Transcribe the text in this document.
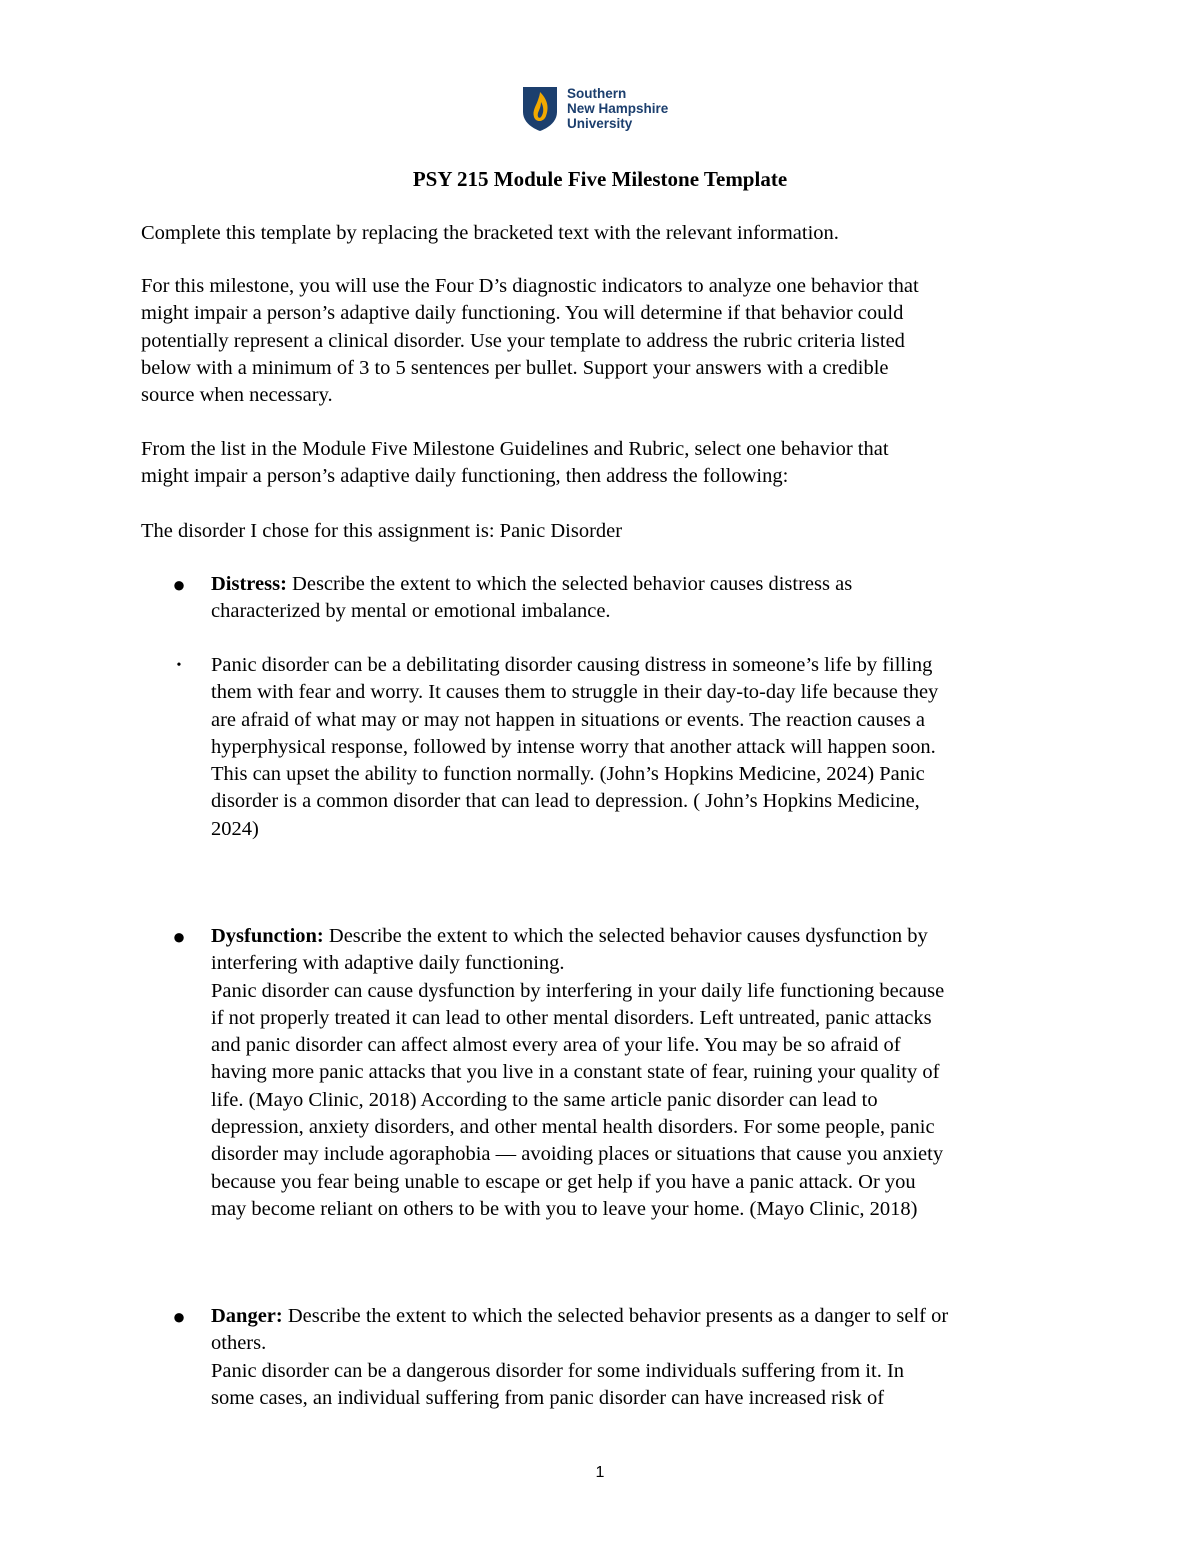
Southern
New Hampshire
University
PSY 215 Module Five Milestone Template
Complete this template by replacing the bracketed text with the relevant information.
For this milestone, you will use the Four D’s diagnostic indicators to analyze one behavior that
might impair a person’s adaptive daily functioning. You will determine if that behavior could
potentially represent a clinical disorder. Use your template to address the rubric criteria listed
below with a minimum of 3 to 5 sentences per bullet. Support your answers with a credible
source when necessary.
From the list in the Module Five Milestone Guidelines and Rubric, select one behavior that
might impair a person’s adaptive daily functioning, then address the following:
The disorder I chose for this assignment is: Panic Disorder
● Distress: Describe the extent to which the selected behavior causes distress as
characterized by mental or emotional imbalance.
•	Panic disorder can be a debilitating disorder causing distress in someone’s life by filling
them with fear and worry. It causes them to struggle in their day-to-day life because they
are afraid of what may or may not happen in situations or events. The reaction causes a
hyperphysical response, followed by intense worry that another attack will happen soon.
This can upset the ability to function normally. (John’s Hopkins Medicine, 2024) Panic
disorder is a common disorder that can lead to depression. ( John’s Hopkins Medicine,
2024)
● Dysfunction: Describe the extent to which the selected behavior causes dysfunction by
interfering with adaptive daily functioning.
Panic disorder can cause dysfunction by interfering in your daily life functioning because
if not properly treated it can lead to other mental disorders. Left untreated, panic attacks
and panic disorder can affect almost every area of your life. You may be so afraid of
having more panic attacks that you live in a constant state of fear, ruining your quality of
life. (Mayo Clinic, 2018) According to the same article panic disorder can lead to
depression, anxiety disorders, and other mental health disorders. For some people, panic
disorder may include agoraphobia — avoiding places or situations that cause you anxiety
because you fear being unable to escape or get help if you have a panic attack. Or you
may become reliant on others to be with you to leave your home. (Mayo Clinic, 2018)
● Danger: Describe the extent to which the selected behavior presents as a danger to self or
others.
Panic disorder can be a dangerous disorder for some individuals suffering from it. In
some cases, an individual suffering from panic disorder can have increased risk of
1
